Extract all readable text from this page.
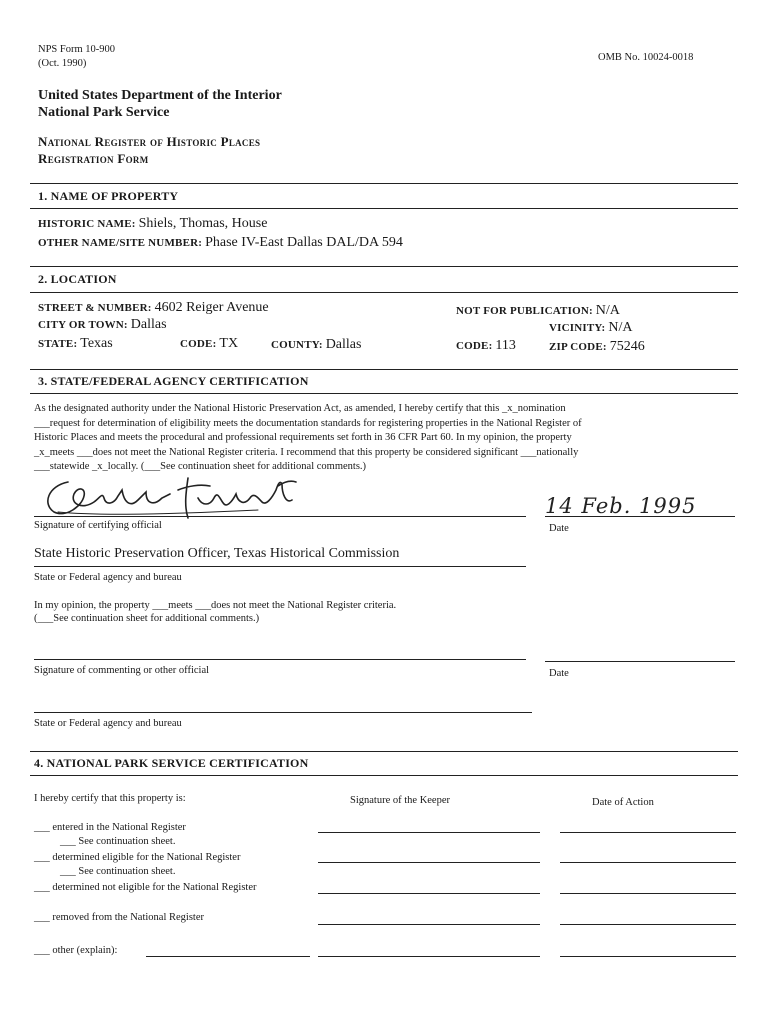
NPS Form 10-900
(Oct. 1990)
OMB No. 10024-0018
United States Department of the Interior
National Park Service
National Register of Historic Places
Registration Form
1. NAME OF PROPERTY
HISTORIC NAME: Shiels, Thomas, House
OTHER NAME/SITE NUMBER: Phase IV-East Dallas DAL/DA 594
2. LOCATION
STREET & NUMBER: 4602 Reiger Avenue	NOT FOR PUBLICATION: N/A
CITY OR TOWN: Dallas	VICINITY: N/A
STATE: Texas	CODE: TX	COUNTY: Dallas	CODE: 113	ZIP CODE: 75246
3. STATE/FEDERAL AGENCY CERTIFICATION
As the designated authority under the National Historic Preservation Act, as amended, I hereby certify that this _x_nomination
___request for determination of eligibility meets the documentation standards for registering properties in the National Register of
Historic Places and meets the procedural and professional requirements set forth in 36 CFR Part 60. In my opinion, the property
_x_meets ___does not meet the National Register criteria. I recommend that this property be considered significant ___nationally
___statewide _x_locally. (___See continuation sheet for additional comments.)
Signature of certifying official
14 Feb. 1995
Date
State Historic Preservation Officer, Texas Historical Commission
State or Federal agency and bureau
In my opinion, the property ___meets ___does not meet the National Register criteria.
(___See continuation sheet for additional comments.)
Signature of commenting or other official	Date
State or Federal agency and bureau
4. NATIONAL PARK SERVICE CERTIFICATION
I hereby certify that this property is:	Signature of the Keeper	Date of Action
___ entered in the National Register
___ See continuation sheet.
___ determined eligible for the National Register
___ See continuation sheet.
___ determined not eligible for the National Register
___ removed from the National Register
___ other (explain):
